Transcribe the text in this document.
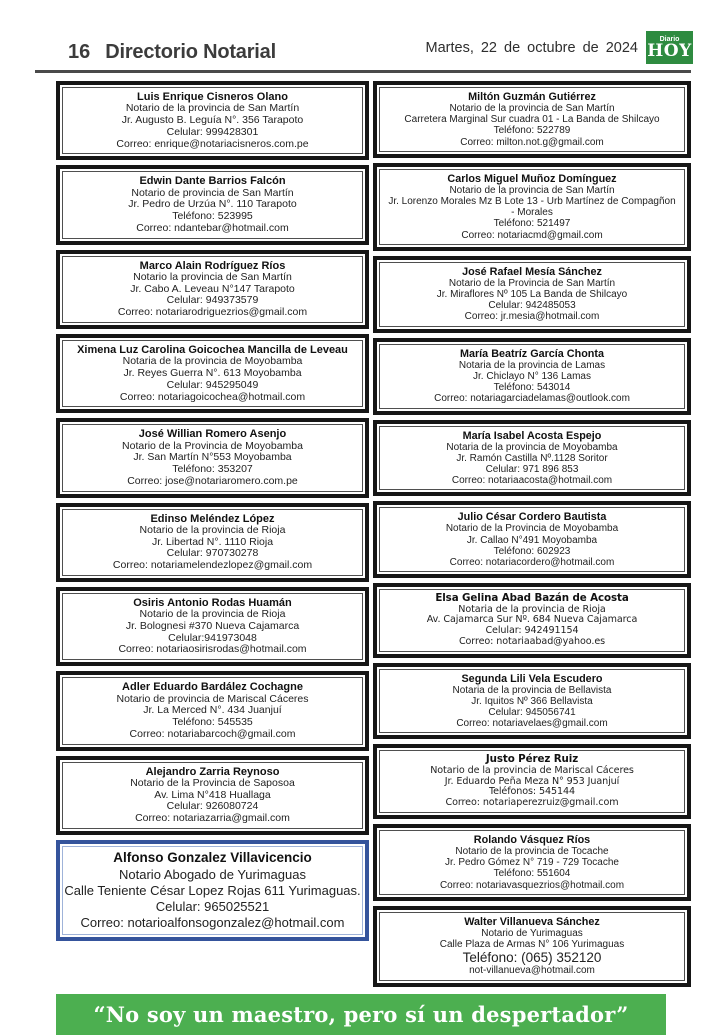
16 Directorio Notarial	Martes, 22 de octubre de 2024
Diario
HOY
Luis Enrique Cisneros Olano
Notario de la provincia de San Martín
Jr. Augusto B. Leguía N°. 356 Tarapoto
Celular: 999428301
Correo: enrique@notariacisneros.com.pe
Edwin Dante Barrios Falcón
Notario de provincia de San Martín
Jr. Pedro de Urzúa N°. 110 Tarapoto
Teléfono: 523995
Correo: ndantebar@hotmail.com
Marco Alain Rodríguez Ríos
Notario la provincia de San Martín
Jr. Cabo A. Leveau N°147 Tarapoto
Celular: 949373579
Correo: notariarodriguezrios@gmail.com
Ximena Luz Carolina Goicochea Mancilla de Leveau
Notaria de la provincia de Moyobamba
Jr. Reyes Guerra N°. 613 Moyobamba
Celular: 945295049
Correo: notariagoicochea@hotmail.com
José Willian Romero Asenjo
Notario de la Provincia de Moyobamba
Jr. San Martín N°553 Moyobamba
Teléfono: 353207
Correo: jose@notariaromero.com.pe
Edinso Meléndez López
Notario de la provincia de Rioja
Jr. Libertad N°. 1110 Rioja
Celular: 970730278
Correo: notariamelendezlopez@gmail.com
Osiris Antonio Rodas Huamán
Notario de la provincia de Rioja
Jr. Bolognesi #370 Nueva Cajamarca
Celular:941973048
Correo: notariaosirisrodas@hotmail.com
Adler Eduardo Bardález Cochagne
Notario de provincia de Mariscal Cáceres
Jr. La Merced N°. 434 Juanjuí
Teléfono: 545535
Correo: notariabarcoch@gmail.com
Alejandro Zarria Reynoso
Notario de la Provincia de Saposoa
Av. Lima N°418 Huallaga
Celular: 926080724
Correo: notariazarria@gmail.com
Alfonso Gonzalez Villavicencio
Notario Abogado de Yurimaguas
Calle Teniente César Lopez Rojas 611 Yurimaguas.
Celular: 965025521
Correo: notarioalfonsogonzalez@hotmail.com
Miltón Guzmán Gutiérrez
Notario de la provincia de San Martín
Carretera Marginal Sur cuadra 01 - La Banda de Shilcayo
Teléfono: 522789
Correo: milton.not.g@gmail.com
Carlos Miguel Muñoz Domínguez
Notario de la provincia de San Martín
Jr. Lorenzo Morales Mz B Lote 13 - Urb Martínez de Compagñon
- Morales
Teléfono: 521497
Correo: notariacmd@gmail.com
José Rafael Mesía Sánchez
Notario de la Provincia de San Martín
Jr. Miraflores Nº 105 La Banda de Shilcayo
Celular: 942485053
Correo: jr.mesia@hotmail.com
María Beatríz García Chonta
Notaria de la provincia de Lamas
Jr. Chiclayo N° 136 Lamas
Teléfono: 543014
Correo: notariagarciadelamas@outlook.com
María Isabel Acosta Espejo
Notaria de la provincia de Moyobamba
Jr. Ramón Castilla Nº.1128 Soritor
Celular: 971 896 853
Correo: notariaacosta@hotmail.com
Julio César Cordero Bautista
Notario de la Provincia de Moyobamba
Jr. Callao N°491 Moyobamba
Teléfono: 602923
Correo: notariacordero@hotmail.com
Elsa Gelina Abad Bazán de Acosta
Notaria de la provincia de Rioja
Av. Cajamarca Sur Nº. 684 Nueva Cajamarca
Celular: 942491154
Correo: notariaabad@yahoo.es
Segunda Lili Vela Escudero
Notaria de la provincia de Bellavista
Jr. Iquitos Nº 366 Bellavista
Celular: 945056741
Correo: notariavelaes@gmail.com
Justo Pérez Ruiz
Notario de la provincia de Mariscal Cáceres
Jr. Eduardo Peña Meza N° 953 Juanjuí
Teléfonos: 545144
Correo: notariaperezruiz@gmail.com
Rolando Vásquez Ríos
Notario de la provincia de Tocache
Jr. Pedro Gómez N° 719 - 729 Tocache
Teléfono: 551604
Correo: notariavasquezrios@hotmail.com
Walter Villanueva Sánchez
Notario de Yurimaguas
Calle Plaza de Armas N° 106 Yurimaguas
Teléfono: (065) 352120
not-villanueva@hotmail.com
“No soy un maestro, pero sí un despertador”
